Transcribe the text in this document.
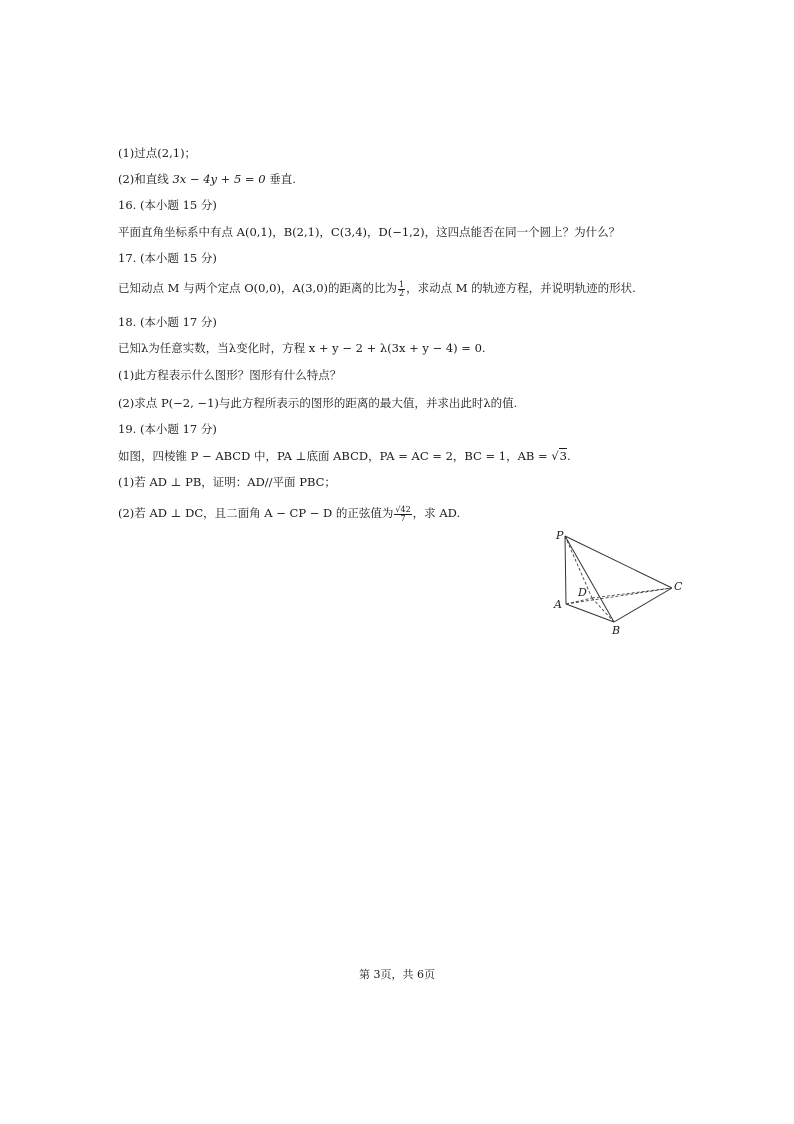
(1)过点(2,1)；
(2)和直线 3x − 4y + 5 = 0 垂直.
16. (本小题 15 分)
平面直角坐标系中有点 A(0,1)，B(2,1)，C(3,4)，D(−1,2)，这四点能否在同一个圆上？为什么？
17. (本小题 15 分)
已知动点 M 与两个定点 O(0,0)，A(3,0)的距离的比为 $\frac{1}{2}$ ，求动点 M 的轨迹方程，并说明轨迹的形状.
18. (本小题 17 分)
已知λ为任意实数，当λ变化时，方程 x + y − 2 + λ(3x + y − 4) = 0.
(1)此方程表示什么图形？图形有什么特点？
(2)求点 P(−2, −1)与此方程所表示的图形的距离的最大值，并求出此时λ的值.
19. (本小题 17 分)
如图，四棱锥 P − ABCD 中，PA ⊥底面 ABCD，PA = AC = 2，BC = 1，AB = √3.
(1)若 AD ⊥ PB，证明：AD//平面 PBC；
(2)若 AD ⊥ DC，且二面角 A − CP − D 的正弦值为 $\frac{√42}{7}$ ，求 AD.
P
A
B
C
D
第 3页，共 6页
